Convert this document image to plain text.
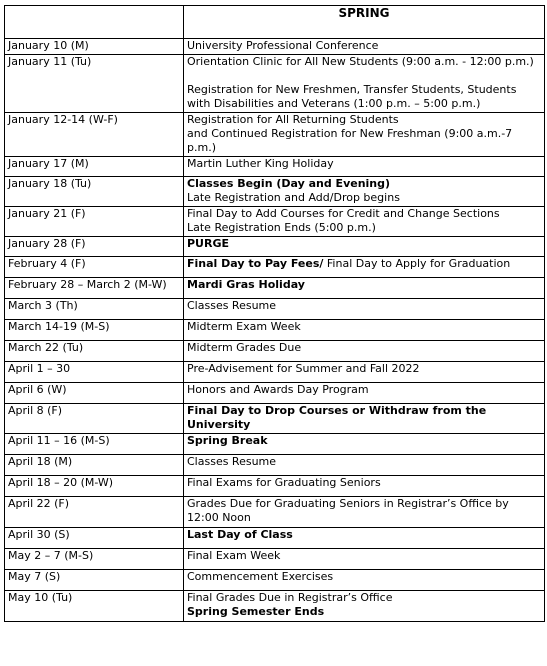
	SPRING
January 10 (M)	University Professional Conference

January 11 (Tu)	Orientation Clinic for All New Students (9:00 a.m. - 12:00 p.m.)
Registration for New Freshmen, Transfer Students, Students
with Disabilities and Veterans (1:00 p.m. – 5:00 p.m.)

January 12-14 (W-F)	Registration for All Returning Students
and Continued Registration for New Freshman (9:00 a.m.-7
p.m.)

January 17 (M)	Martin Luther King Holiday

January 18 (Tu)	Classes Begin (Day and Evening)
Late Registration and Add/Drop begins

January 21 (F)	Final Day to Add Courses for Credit and Change Sections
Late Registration Ends (5:00 p.m.)

January 28 (F)	PURGE

February 4 (F)	Final Day to Pay Fees/ Final Day to Apply for Graduation

February 28 – March 2 (M-W)	Mardi Gras Holiday

March 3 (Th)	Classes Resume

March 14-19 (M-S)	Midterm Exam Week

March 22 (Tu)	Midterm Grades Due

April 1 – 30	Pre-Advisement for Summer and Fall 2022

April 6 (W)	Honors and Awards Day Program

April 8 (F)	Final Day to Drop Courses or Withdraw from the
University

April 11 – 16 (M-S)	Spring Break

April 18 (M)	Classes Resume

April 18 – 20 (M-W)	Final Exams for Graduating Seniors

April 22 (F)	Grades Due for Graduating Seniors in Registrar’s Office by
12:00 Noon

April 30 (S)	Last Day of Class

May 2 – 7 (M-S)	Final Exam Week

May 7 (S)	Commencement Exercises

May 10 (Tu)	Final Grades Due in Registrar’s Office
Spring Semester Ends
